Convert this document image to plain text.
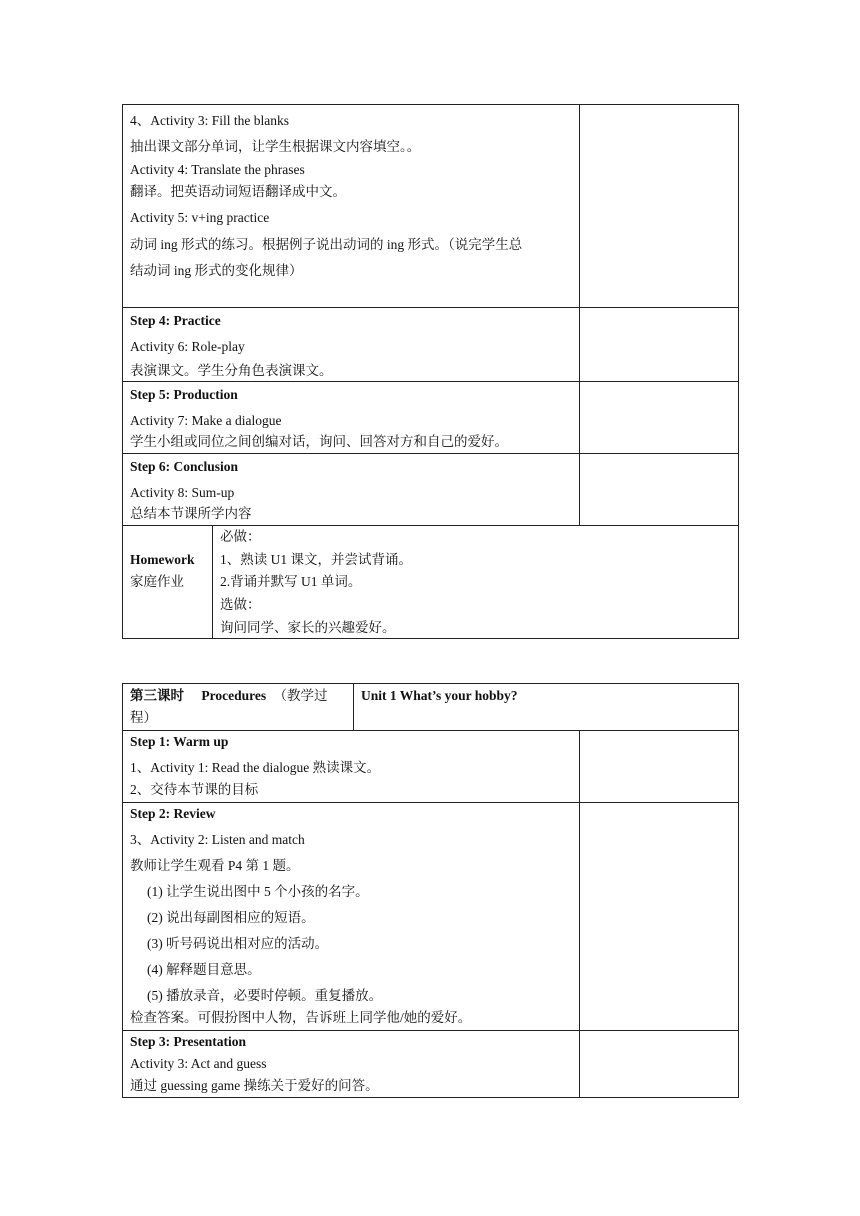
4、Activity 3: Fill the blanks
抽出课文部分单词，让学生根据课文内容填空。。
Activity 4: Translate the phrases
翻译。把英语动词短语翻译成中文。
Activity 5: v+ing practice
动词 ing 形式的练习。根据例子说出动词的 ing 形式。（说完学生总
结动词 ing 形式的变化规律）
Step 4: Practice
Activity 6: Role-play
表演课文。学生分角色表演课文。
Step 5: Production
Activity 7: Make a dialogue
学生小组或同位之间创编对话，询问、回答对方和自己的爱好。
Step 6: Conclusion
Activity 8: Sum-up
总结本节课所学内容
Homework
家庭作业
必做：
1、熟读 U1 课文，并尝试背诵。
2.背诵并默写 U1 单词。
选做：
询问同学、家长的兴趣爱好。
第三课时 Procedures （教学过
程）
Unit 1 What’s your hobby?
Step 1: Warm up
1、Activity 1: Read the dialogue 熟读课文。
2、交待本节课的目标
Step 2: Review
3、Activity 2: Listen and match
教师让学生观看 P4 第 1 题。
(1) 让学生说出图中 5 个小孩的名字。
(2) 说出每副图相应的短语。
(3) 听号码说出相对应的活动。
(4) 解释题目意思。
(5) 播放录音，必要时停顿。重复播放。
检查答案。可假扮图中人物，告诉班上同学他/她的爱好。
Step 3: Presentation
Activity 3: Act and guess
通过 guessing game 操练关于爱好的问答。
